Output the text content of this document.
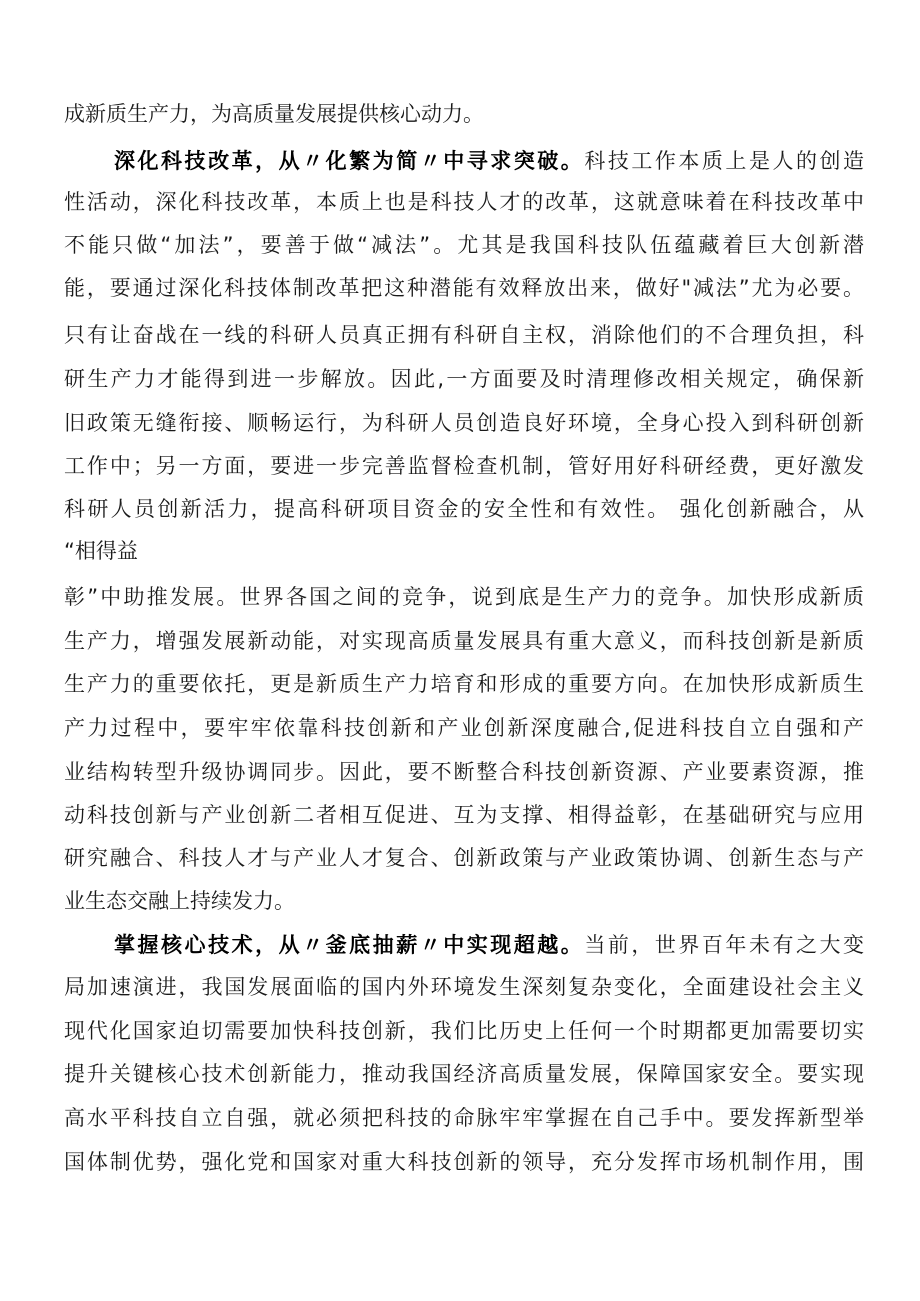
成新质生产力，为高质量发展提供核心动力。
深化科技改革，从〃化繁为简〃中寻求突破。科技工作本质上是人的创造
性活动，深化科技改革，本质上也是科技人才的改革，这就意味着在科技改革中
不能只做“加法”，要善于做“减法”。尤其是我国科技队伍蕴藏着巨大创新潜
能，要通过深化科技体制改革把这种潜能有效释放出来，做好"减法”尤为必要。
只有让奋战在一线的科研人员真正拥有科研自主权，消除他们的不合理负担，科
研生产力才能得到进一步解放。因此,一方面要及时清理修改相关规定，确保新
旧政策无缝衔接、顺畅运行，为科研人员创造良好环境，全身心投入到科研创新
工作中；另一方面，要进一步完善监督检查机制，管好用好科研经费，更好激发
科研人员创新活力，提高科研项目资金的安全性和有效性。 强化创新融合，从
“相得益
彰”中助推发展。世界各国之间的竞争，说到底是生产力的竞争。加快形成新质
生产力，增强发展新动能，对实现高质量发展具有重大意义，而科技创新是新质
生产力的重要依托，更是新质生产力培育和形成的重要方向。在加快形成新质生
产力过程中，要牢牢依靠科技创新和产业创新深度融合,促进科技自立自强和产
业结构转型升级协调同步。因此，要不断整合科技创新资源、产业要素资源，推
动科技创新与产业创新二者相互促进、互为支撑、相得益彰，在基础研究与应用
研究融合、科技人才与产业人才复合、创新政策与产业政策协调、创新生态与产
业生态交融上持续发力。
掌握核心技术，从〃釜底抽薪〃中实现超越。当前，世界百年未有之大变
局加速演进，我国发展面临的国内外环境发生深刻复杂变化，全面建设社会主义
现代化国家迫切需要加快科技创新，我们比历史上任何一个时期都更加需要切实
提升关键核心技术创新能力，推动我国经济高质量发展，保障国家安全。要实现
高水平科技自立自强，就必须把科技的命脉牢牢掌握在自己手中。要发挥新型举
国体制优势，强化党和国家对重大科技创新的领导，充分发挥市场机制作用，围
